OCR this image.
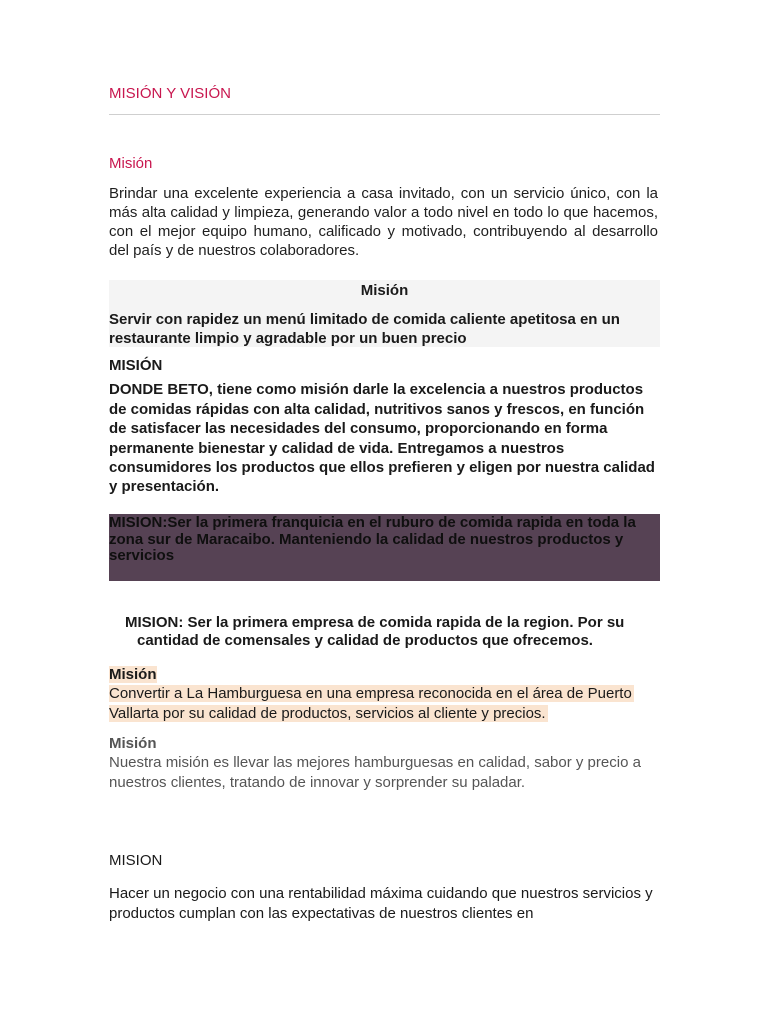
MISIÓN Y VISIÓN
Misión
Brindar una excelente experiencia a casa invitado, con un servicio único, con la más alta calidad y limpieza, generando valor a todo nivel en todo lo que hacemos, con el mejor equipo humano, calificado y motivado, contribuyendo al desarrollo del país y de nuestros colaboradores.
Misión
Servir con rapidez un menú limitado de comida caliente apetitosa en un restaurante limpio y agradable por un buen precio
MISIÓN
DONDE BETO, tiene como misión darle la excelencia a nuestros productos de comidas rápidas con alta calidad, nutritivos sanos y frescos, en función de satisfacer las necesidades del consumo, proporcionando en forma permanente bienestar y calidad de vida. Entregamos a nuestros consumidores los productos que ellos prefieren y eligen por nuestra calidad y presentación.
MISION:Ser la primera franquicia en el ruburo de comida rapida en toda la zona sur de Maracaibo. Manteniendo la calidad de nuestros productos y servicios
MISION: Ser la primera empresa de comida rapida de la region. Por su
cantidad de comensales y calidad de productos que ofrecemos.
Misión
Convertir a La Hamburguesa en una empresa reconocida en el área de Puerto
Vallarta por su calidad de productos, servicios al cliente y precios.
Misión
Nuestra misión es llevar las mejores hamburguesas en calidad, sabor y precio a nuestros clientes, tratando de innovar y sorprender su paladar.
MISION
Hacer un negocio con una rentabilidad máxima cuidando que nuestros servicios y productos cumplan con las expectativas de nuestros clientes en
